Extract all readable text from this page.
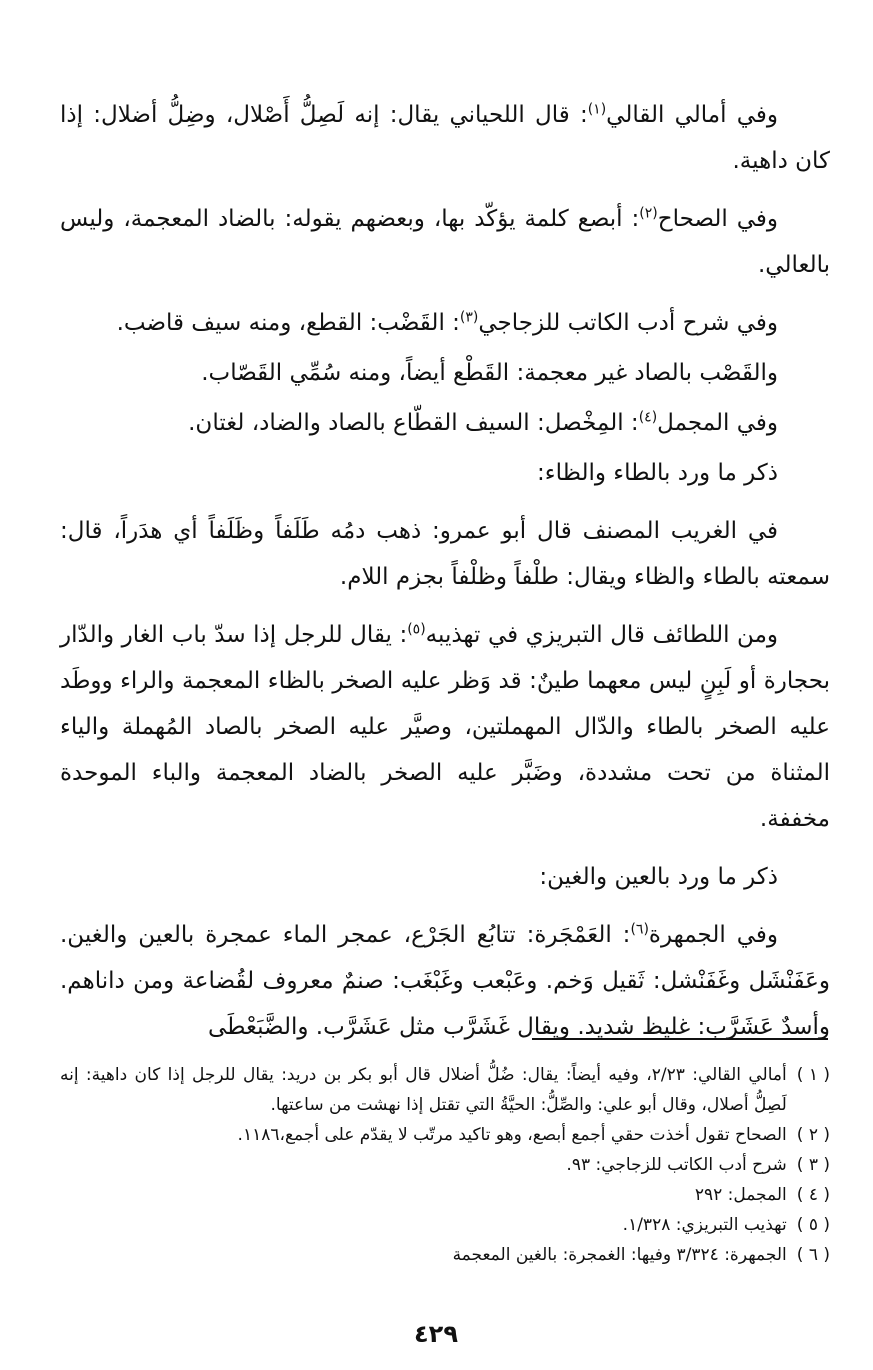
وفي أمالي القالي$^{(١)}$: قال اللحياني يقال: إنه لَصِلُّ أَصْلال، وضِلُّ أضلال: إذا كان داهية.

وفي الصحاح$^{(٢)}$: أبصع كلمة يؤكّد بها، وبعضهم يقوله: بالضاد المعجمة، وليس بالعالي.

وفي شرح أدب الكاتب للزجاجي$^{(٣)}$: القَضْب: القطع، ومنه سيف قاضب.

والقَصْب بالصاد غير معجمة: القَطْع أيضاً، ومنه سُمِّي القَصّاب.

وفي المجمل$^{(٤)}$: المِخْصل: السيف القطّاع بالصاد والضاد، لغتان.

ذكر ما ورد بالطاء والظاء:

في الغريب المصنف قال أبو عمرو: ذهب دمُه طَلَفاً وظَلَفاً أي هدَراً، قال: سمعته بالطاء والظاء ويقال: طلْفاً وظلْفاً بجزم اللام.

ومن اللطائف قال التبريزي في تهذيبه$^{(٥)}$: يقال للرجل إذا سدّ باب الغار والدّار بحجارة أو لَبِنٍ ليس معهما طينٌ: قد وَظر عليه الصخر بالظاء المعجمة والراء ووطَد عليه الصخر بالطاء والدّال المهملتين، وصيَّر عليه الصخر بالصاد المُهملة والياء المثناة من تحت مشددة، وضَبَّر عليه الصخر بالضاد المعجمة والباء الموحدة مخففة.

ذكر ما ورد بالعين والغين:

وفي الجمهرة$^{(٦)}$: العَمْجَرة: تتابُع الجَرْع، عمجر الماء عمجرة بالعين والغين. وعَفَنْشَل وغَفَنْشل: ثَقيل وَخم. وعَبْعب وغَبْغَب: صنمٌ معروف لقُضاعة ومن داناهم. وأسدٌ عَشَرَّب: غليظ شديد. ويقال غَشَرَّب مثل عَشَرَّب. والضَّبَعْطَى

( ١ )
أمالي القالي: ٢/٢٣، وفيه أيضاً: يقال: ضُلُّ أضلال قال أبو بكر بن دريد: يقال للرجل إذا كان داهية: إنه لَصِلُّ أصلال، وقال أبو علي: والصِّلُّ: الحيَّةُ التي تقتل إذا نهشت من ساعتها.
( ٢ )
الصحاح تقول أخذت حقي أجمع أبصع، وهو تاكيد مرتّب لا يقدّم على أجمع،١١٨٦.
( ٣ )
شرح أدب الكاتب للزجاجي: ٩٣.
( ٤ )
المجمل: ٢٩٢
( ٥ )
تهذيب التبريزي: ١/٣٢٨.
( ٦ )
الجمهرة: ٣/٣٢٤ وفيها: الغمجرة: بالغين المعجمة
٤٢٩
